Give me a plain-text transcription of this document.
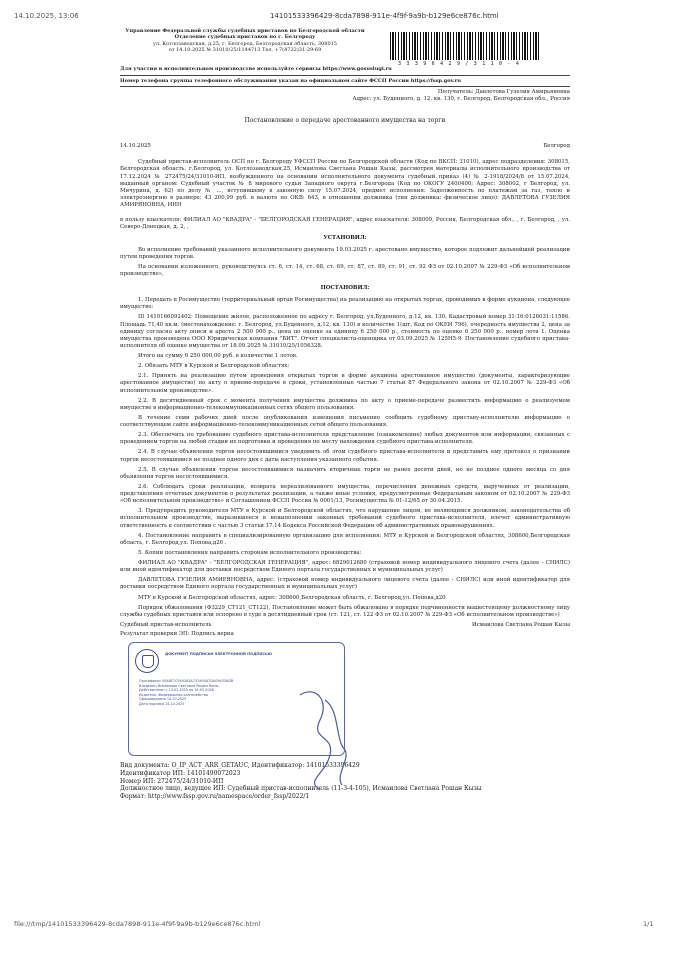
14.10.2025, 13:06	14101533396429-8cda7898-911e-4f9f-9a9b-b129e6ce876c.html
Управление Федеральной службы судебных приставов по Белгородской области
Отделение судебных приставов по г. Белгороду
ул. Котлозаводская, д.25, г. Белгород, Белгородская область, 308015
от 14.10.2025 № 31010/25/1144713 Тел. +7(4722)31-29-69
3 3 3 9 6 4 2 9 / 3 1 1 0 - 4
Для участия в исполнительном производстве используйте сервисы https://www.gosuslugi.ru
Номер телефона группы телефонного обслуживания указан на официальном сайте ФССП России https://fssp.gov.ru
Получатель: Давлетова Гузелия Амирьяновна
Адрес: ул. Буденного, д. 12, кв. 130, г. Белгород, Белгородская обл., Россия
Постановление о передаче арестованного имущества на торги
14.10.2025	Белгород

Судебный пристав-исполнитель ОСП по г. Белгороду УФССП России по Белгородской области (Код по ВКСП: 31010), адрес подразделения: 308015, Белгородская область, г.Белгород, ул. Котлозаводская,25, Исмаилова Светлана Рошан Кызы, рассмотрев материалы исполнительного производства от 17.12.2024 № 272475/24/31010-ИП, возбужденного на основании исполнительного документа судебный приказ (4) № 2-1918/2024/8 от 15.07.2024, выданный органом: Судебный участок № 8 мирового судьи Западного округа г.Белгорода (Код по ОКОГУ 2400400; Адрес: 308002, г Белгород, ул. Мичурина, д. 62) по делу № ..., вступившему в законную силу 15.07.2024, предмет исполнения: Задолженность по платежам за газ, тепло и электроэнергию в размере: 43 200,99 руб. в валюте по ОКВ: 643, в отношении должника (тип должника: физическое лицо): ДАВЛЕТОВА ГУЗЕЛИЯ АМИРЯНОВНА, ИНН

в пользу взыскателя: ФИЛИАЛ АО "КВАДРА" - "БЕЛГОРОДСКАЯ ГЕНЕРАЦИЯ", адрес взыскателя: 308009, Россия, Белгородская обл., , г. Белгород, , ул. Северо-Донецкая, д. 2, ,

УСТАНОВИЛ:

Во исполнение требований указанного исполнительного документа 19.03.2025 г. арестовано имущество, которое подлежит дальнейшей реализации путем проведения торгов.

На основании изложенного, руководствуясь ст. 6, ст. 14, ст. 68, ст. 69, ст. 87, ст. 89, ст. 91, ст. 92 ФЗ от 02.10.2007 № 229-ФЗ «Об исполнительном производстве»,

ПОСТАНОВИЛ:

1. Передать в Росимущество (территориальный орган Росимущества) на реализацию на открытых торгах, проводимых в форме аукциона, следующее имущество:

ID 1410166092402: Помещение жилое, расположенное по адресу г. Белгород, ул.Буденного, д.12, кв. 130. Кадастровый номер 31:16:0126031:11586. Площадь 71,40 кв.м. (местонахождение: г. Белгород, ул.Буденного, д.12, кв. 130) в количестве 1(шт, Код по ОКЕИ 796), очередность имущества 2, цена за единицу согласно акту описи и ареста 2 500 000 р., цена по оценке за единицу 6 250 000 р., стоимость по оценке 6 250 000 р., номер лота 1. Оценка имущества произведена ООО Юридическая компания "БИТ". Отчет специалиста-оценщика от 03.09.2025 № 125Н5-9. Постановление судебного пристава-исполнителя об оценке имущества от 18.09.2025 № 31010/25/1056328.

Итого на сумму 6 250 000,00 руб. в количестве 1 лотов.

2. Обязать МТУ в Курской и Белгородской областях:

2.1. Принять на реализацию путем проведения открытых торгов в форме аукциона арестованное имущество (документы, характеризующие арестованное имущество) по акту о приеме-передаче в сроки, установленные частью 7 статьи 87 Федерального закона от 02.10.2007 № 229-ФЗ «Об исполнительном производстве».

2.2. В десятидневный срок с момента получения имущества должника по акту о приеме-передаче разместить информацию о реализуемом имуществе в информационно-телекоммуникационных сетях общего пользования.

В течение семи рабочих дней после опубликования извещения письменно сообщить судебному приставу-исполнителю информацию о соответствующем сайте информационно-телекоммуникационных сетей общего пользования.

2.3. Обеспечить по требованию судебного пристава-исполнителя представление (ознакомление) любых документов или информации, связанных с проведением торгов на любой стадии их подготовки и проведения по месту нахождения судебного пристава-исполнителя.

2.4. В случае объявления торгов несостоявшимися уведомить об этом судебного пристава-исполнителя и представить ему протокол о признании торгов несостоявшимися не позднее одного дня с даты наступления указанного события.

2.5. В случае объявления торгов несостоявшимися назначить вторичные торги не ранее десяти дней, но не позднее одного месяца со дня объявления торгов несостоявшимися.

2.6. Соблюдать сроки реализации, возврата нереализованного имущества, перечисления денежных средств, вырученных от реализации, представления отчетных документов о результатах реализации, а также иные условия, предусмотренные Федеральным законом от 02.10.2007 № 229-ФЗ «Об исполнительном производстве» и Соглашением ФССП России № 0001/13, Росимущества № 01-12/65 от 30.04.2015.

3. Предупредить руководителя МТУ в Курской и Белгородской областях, что нарушение лицом, не являющимся должником, законодательства об исполнительном производстве, выразившееся в невыполнении законных требований судебного пристава-исполнителя, влечет административную ответственность в соответствии с частью 3 статьи 17.14 Кодекса Российской Федерации об административных правонарушениях.

4. Постановление направить в специализированную организацию для исполнения: МТУ в Курской и Белгородской областях, 308600,Белгородская область, г. Белгород,ул. Попова,д20 .

5. Копии постановления направить сторонам исполнительного производства:

ФИЛИАЛ АО "КВАДРА" - "БЕЛГОРОДСКАЯ ГЕНЕРАЦИЯ", адрес: 6829012680 (страховой номер индивидуального лицевого счета (далее - СНИЛС) или иной идентификатор для доставки посредством Единого портала государственных и муниципальных услуг)

ДАВЛЕТОВА ГУЗЕЛИЯ АМИРЯНОВНА, адрес: (страховой номер индивидуального лицевого счета (далее - СНИЛС) или иной идентификатор для доставки посредством Единого портала государственных и муниципальных услуг)

МТУ в Курской и Белгородской областях, адрес: 308600,Белгородская область, г. Белгород,ул. Попова,д20

Порядок обжалования (ФЗ229_СТ121_СТ122), Постановление может быть обжаловано в порядке подчиненности вышестоящему должностному лицу службы судебных приставов или оспорено в суде в десятидневный срок (ст. 121, ст. 122 ФЗ от 02.10.2007 № 229-ФЗ «Об исполнительном производстве»)

Судебный пристав-исполнитель	Исмаилова Светлана Рошан Кызы
Результат проверки ЭП: Подпись верна
ДОКУМЕНТ ПОДПИСАН ЭЛЕКТРОННОЙ ПОДПИСЬЮ
Сертификат 00A8F7C5493A3A737A95A7DA09435ADB
Владелец Исмаилова Светлана Рошан Кызы
Действителен с 13.02.2025 по 14.05.2026
Издатель: Федеральное казначейство
Сформировано 14.10.2025
Дата подписи 14.10.2025
Вид документа: O_IP_ACT_ARR_GETAUC, Идентификатор: 14101533396429
Идентификатор ИП: 14101490072023
Номер ИП: 272475/24/31010-ИП
Должностное лицо, ведущее ИП: Судебный пристав-исполнитель (11-3-4-105), Исмаилова Светлана Рошан Кызы
Формат: http://www.fssp.gov.ru/namespace/order_fssp/2022/1
file:///tmp/14101533396429-8cda7898-911e-4f9f-9a9b-b129e6ce876c.html	1/1
